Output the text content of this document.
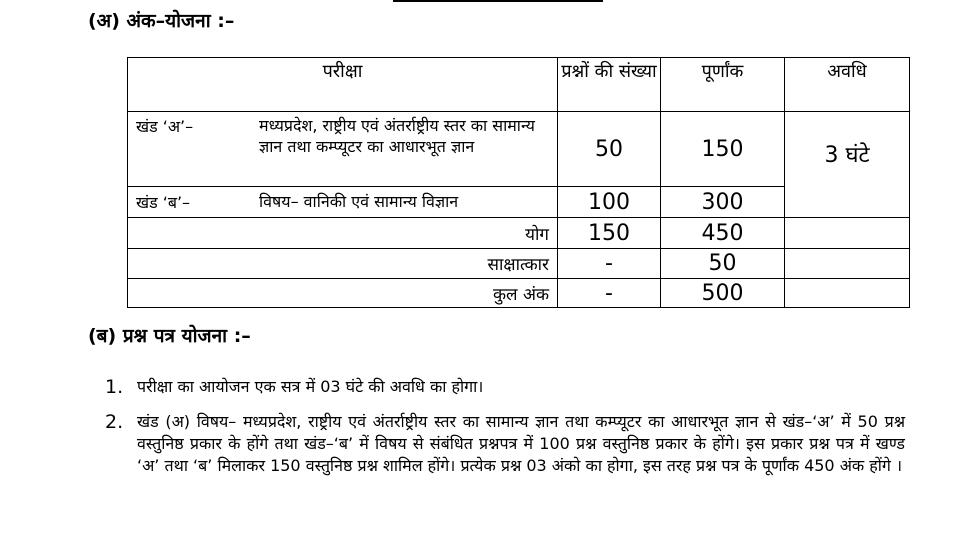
(अ) अंक–योजना :–
परीक्षा	प्रश्नों की संख्या	पूर्णांक	अवधि

खंड ‘अ’– मध्यप्रदेश, राष्ट्रीय एवं अंतर्राष्ट्रीय स्तर का सामान्य ज्ञान तथा कम्प्यूटर का आधारभूत ज्ञान	50	150	3 घंटे

खंड ‘ब’– विषय– वानिकी एवं सामान्य विज्ञान	100	300	
योग	150	450	
साक्षात्कार	-	50	
कुल अंक	-	500	
(ब) प्रश्न पत्र योजना :–
1. परीक्षा का आयोजन एक सत्र में 03 घंटे की अवधि का होगा।
2. खंड (अ) विषय– मध्यप्रदेश, राष्ट्रीय एवं अंतर्राष्ट्रीय स्तर का सामान्य ज्ञान तथा कम्प्यूटर का आधारभूत ज्ञान से खंड–‘अ’ में 50 प्रश्न वस्तुनिष्ठ प्रकार के होंगे तथा खंड–‘ब’ में विषय से संबंधित प्रश्नपत्र में 100 प्रश्न वस्तुनिष्ठ प्रकार के होंगे। इस प्रकार प्रश्न पत्र में खण्ड ‘अ’ तथा ‘ब’ मिलाकर 150 वस्तुनिष्ठ प्रश्न शामिल होंगे। प्रत्येक प्रश्न 03 अंको का होगा, इस तरह प्रश्न पत्र के पूर्णांक 450 अंक होंगे ।
